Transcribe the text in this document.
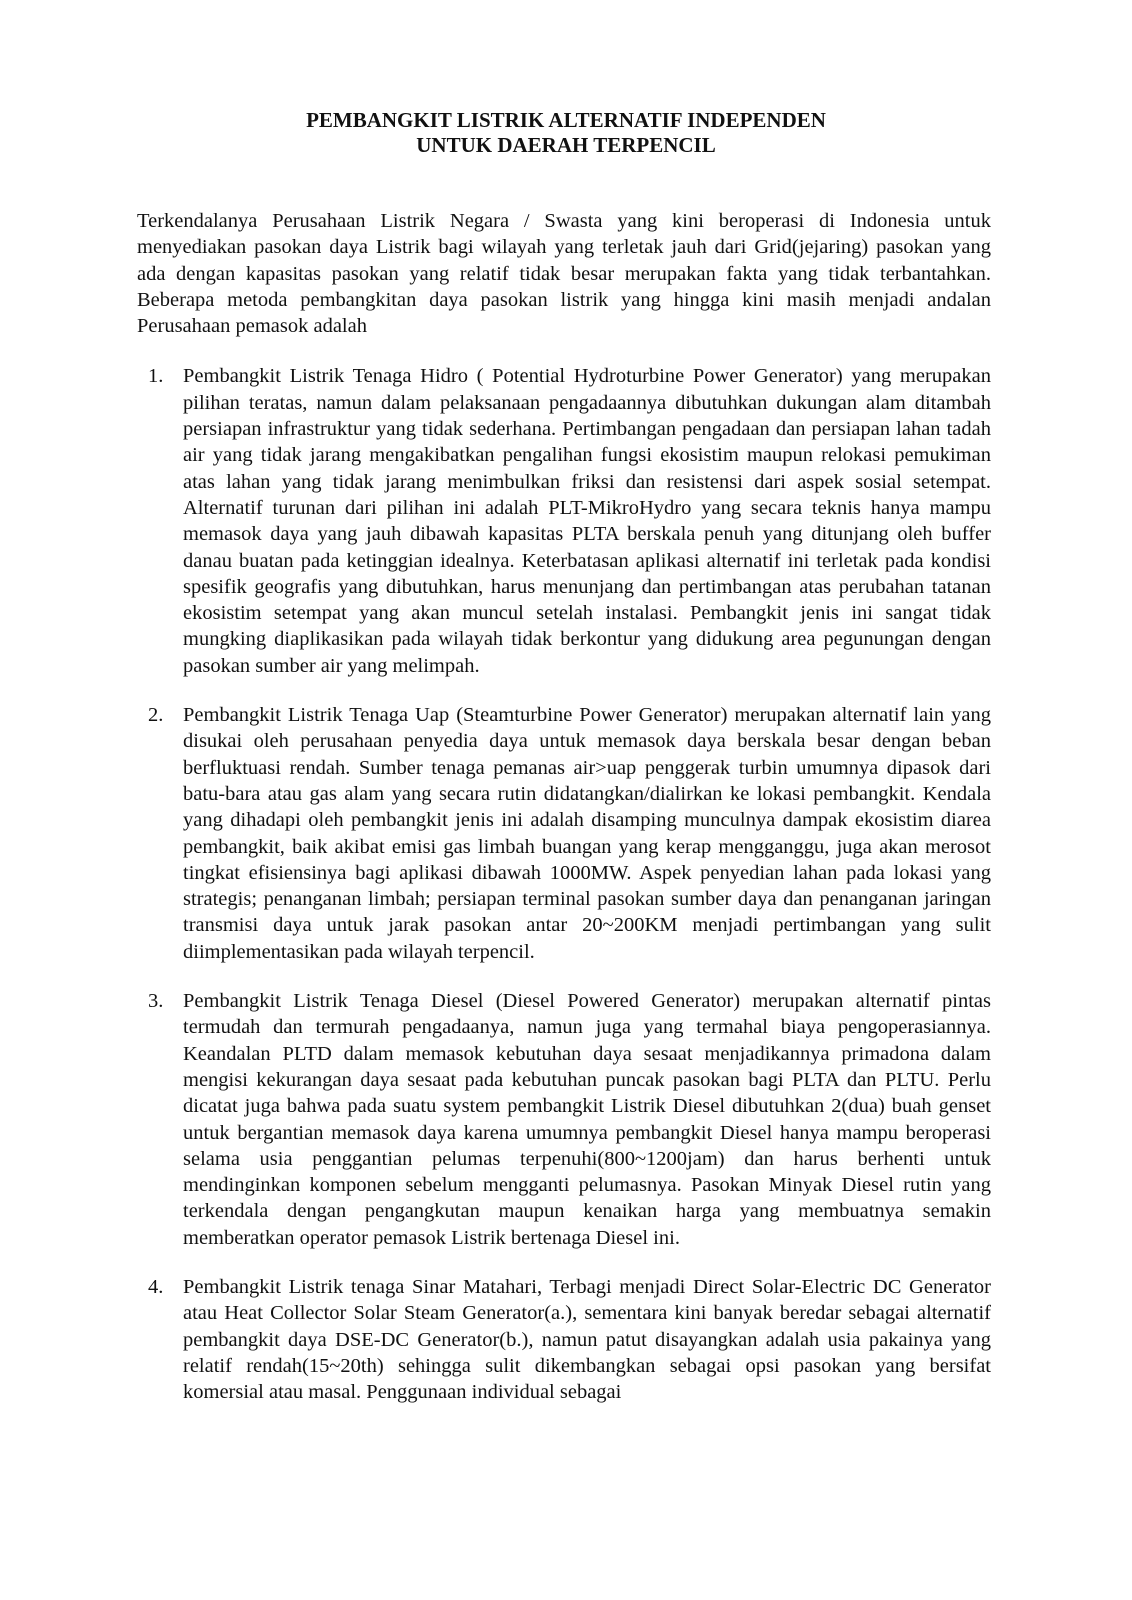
PEMBANGKIT LISTRIK ALTERNATIF INDEPENDEN
UNTUK DAERAH TERPENCIL

Terkendalanya Perusahaan Listrik Negara / Swasta yang kini beroperasi di Indonesia untuk menyediakan pasokan daya Listrik bagi wilayah yang terletak jauh dari Grid(jejaring) pasokan yang ada dengan kapasitas pasokan yang relatif tidak besar merupakan fakta yang tidak terbantahkan. Beberapa metoda pembangkitan daya pasokan listrik yang hingga kini masih menjadi andalan Perusahaan pemasok adalah

1. Pembangkit Listrik Tenaga Hidro ( Potential Hydroturbine Power Generator) yang merupakan pilihan teratas, namun dalam pelaksanaan pengadaannya dibutuhkan dukungan alam ditambah persiapan infrastruktur yang tidak sederhana. Pertimbangan pengadaan dan persiapan lahan tadah air yang tidak jarang mengakibatkan pengalihan fungsi ekosistim maupun relokasi pemukiman atas lahan yang tidak jarang menimbulkan friksi dan resistensi dari aspek sosial setempat. Alternatif turunan dari pilihan ini adalah PLT-MikroHydro yang secara teknis hanya mampu memasok daya yang jauh dibawah kapasitas PLTA berskala penuh yang ditunjang oleh buffer danau buatan pada ketinggian idealnya. Keterbatasan aplikasi alternatif ini terletak pada kondisi spesifik geografis yang dibutuhkan, harus menunjang dan pertimbangan atas perubahan tatanan ekosistim setempat yang akan muncul setelah instalasi. Pembangkit jenis ini sangat tidak mungking diaplikasikan pada wilayah tidak berkontur yang didukung area pegunungan dengan pasokan sumber air yang melimpah.

2. Pembangkit Listrik Tenaga Uap (Steamturbine Power Generator) merupakan alternatif lain yang disukai oleh perusahaan penyedia daya untuk memasok daya berskala besar dengan beban berfluktuasi rendah. Sumber tenaga pemanas air>uap penggerak turbin umumnya dipasok dari batu-bara atau gas alam yang secara rutin didatangkan/dialirkan ke lokasi pembangkit. Kendala yang dihadapi oleh pembangkit jenis ini adalah disamping munculnya dampak ekosistim diarea pembangkit, baik akibat emisi gas limbah buangan yang kerap mengganggu, juga akan merosot tingkat efisiensinya bagi aplikasi dibawah 1000MW. Aspek penyedian lahan pada lokasi yang strategis; penanganan limbah; persiapan terminal pasokan sumber daya dan penanganan jaringan transmisi daya untuk jarak pasokan antar 20~200KM menjadi pertimbangan yang sulit diimplementasikan pada wilayah terpencil.

3. Pembangkit Listrik Tenaga Diesel (Diesel Powered Generator) merupakan alternatif pintas termudah dan termurah pengadaanya, namun juga yang termahal biaya pengoperasiannya. Keandalan PLTD dalam memasok kebutuhan daya sesaat menjadikannya primadona dalam mengisi kekurangan daya sesaat pada kebutuhan puncak pasokan bagi PLTA dan PLTU. Perlu dicatat juga bahwa pada suatu system pembangkit Listrik Diesel dibutuhkan 2(dua) buah genset untuk bergantian memasok daya karena umumnya pembangkit Diesel hanya mampu beroperasi selama usia penggantian pelumas terpenuhi(800~1200jam) dan harus berhenti untuk mendinginkan komponen sebelum mengganti pelumasnya. Pasokan Minyak Diesel rutin yang terkendala dengan pengangkutan maupun kenaikan harga yang membuatnya semakin memberatkan operator pemasok Listrik bertenaga Diesel ini.

4. Pembangkit Listrik tenaga Sinar Matahari, Terbagi menjadi Direct Solar-Electric DC Generator atau Heat Collector Solar Steam Generator(a.), sementara kini banyak beredar sebagai alternatif pembangkit daya DSE-DC Generator(b.), namun patut disayangkan adalah usia pakainya yang relatif rendah(15~20th) sehingga sulit dikembangkan sebagai opsi pasokan yang bersifat komersial atau masal. Penggunaan individual sebagai
